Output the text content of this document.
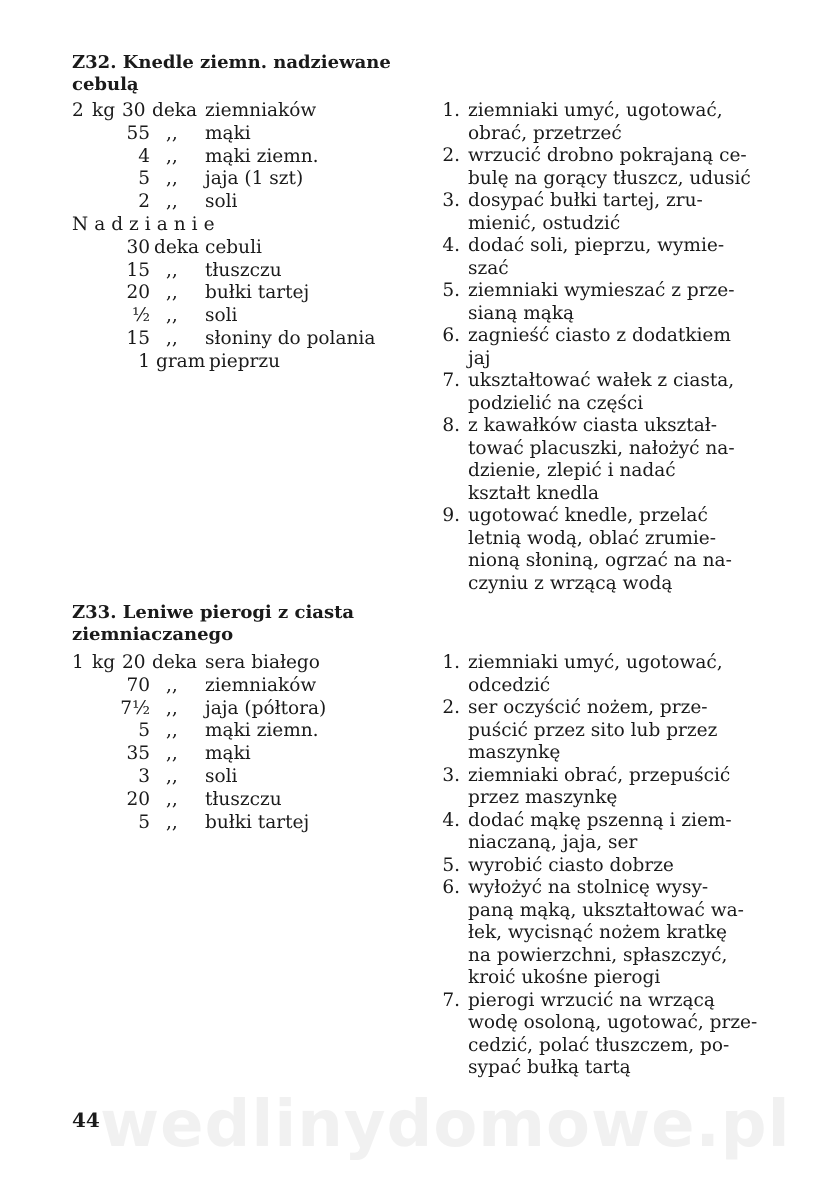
Z32. Knedle ziemn. nadziewane cebulą
2 kg 30 deka ziemniaków
55 ,, mąki
4 ,, mąki ziemn.
5 ,, jaja (1 szt)
2 ,, soli
Nadzianie
30 deka cebuli
15 ,, tłuszczu
20 ,, bułki tartej
½ ,, soli
15 ,, słoniny do polania
1 gram pieprzu
1. ziemniaki umyć, ugotować,
obrać, przetrzeć
2. wrzucić drobno pokrajaną ce-
bulę na gorący tłuszcz, udusić
3. dosypać bułki tartej, zru-
mienić, ostudzić
4. dodać soli, pieprzu, wymie-
szać
5. ziemniaki wymieszać z prze-
sianą mąką
6. zagnieść ciasto z dodatkiem
jaj
7. ukształtować wałek z ciasta,
podzielić na części
8. z kawałków ciasta ukształ-
tować placuszki, nałożyć na-
dzienie, zlepić i nadać
kształt knedla
9. ugotować knedle, przelać
letnią wodą, oblać zrumie-
nioną słoniną, ogrzać na na-
czyniu z wrzącą wodą
Z33. Leniwe pierogi z ciasta ziemniaczanego
1 kg 20 deka sera białego
70 ,, ziemniaków
7½ ,, jaja (półtora)
5 ,, mąki ziemn.
35 ,, mąki
3 ,, soli
20 ,, tłuszczu
5 ,, bułki tartej
1. ziemniaki umyć, ugotować,
odcedzić
2. ser oczyścić nożem, prze-
puścić przez sito lub przez
maszynkę
3. ziemniaki obrać, przepuścić
przez maszynkę
4. dodać mąkę pszenną i ziem-
niaczaną, jaja, ser
5. wyrobić ciasto dobrze
6. wyłożyć na stolnicę wysy-
paną mąką, ukształtować wa-
łek, wycisnąć nożem kratkę
na powierzchni, spłaszczyć,
kroić ukośne pierogi
7. pierogi wrzucić na wrzącą
wodę osoloną, ugotować, prze-
cedzić, polać tłuszczem, po-
sypać bułką tartą
wedlinydomowe.pl
44
